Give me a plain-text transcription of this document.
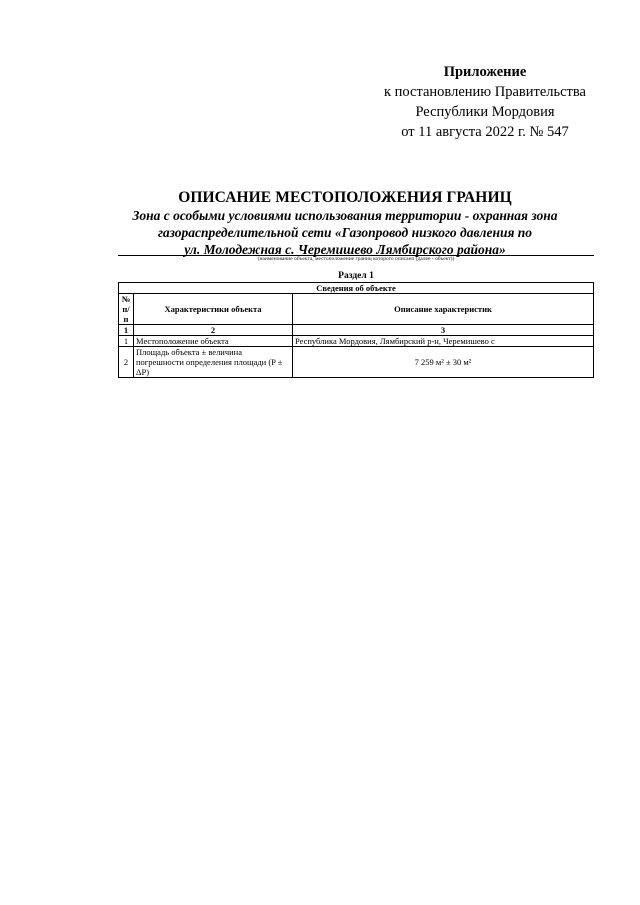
Приложение
к постановлению Правительства
Республики Мордовия
от 11 августа 2022 г. № 547
ОПИСАНИЕ МЕСТОПОЛОЖЕНИЯ ГРАНИЦ
Зона с особыми условиями использования территории - охранная зона
газораспределительной сети «Газопровод низкого давления по
ул. Молодежная с. Черемишево Лямбирского района»
(наименование объекта, местоположение границ которого описано (далее - объект))
Раздел 1
Сведения об объекте		

№
п/п	Характеристики объекта	Описание характеристик
1	2	3
1	Местоположение объекта	Республика Мордовия, Лямбирский р-н, Черемишево с
2	Площадь объекта ± величина погрешности определения площади (P ± ΔP)	7 259 м² ± 30 м²
